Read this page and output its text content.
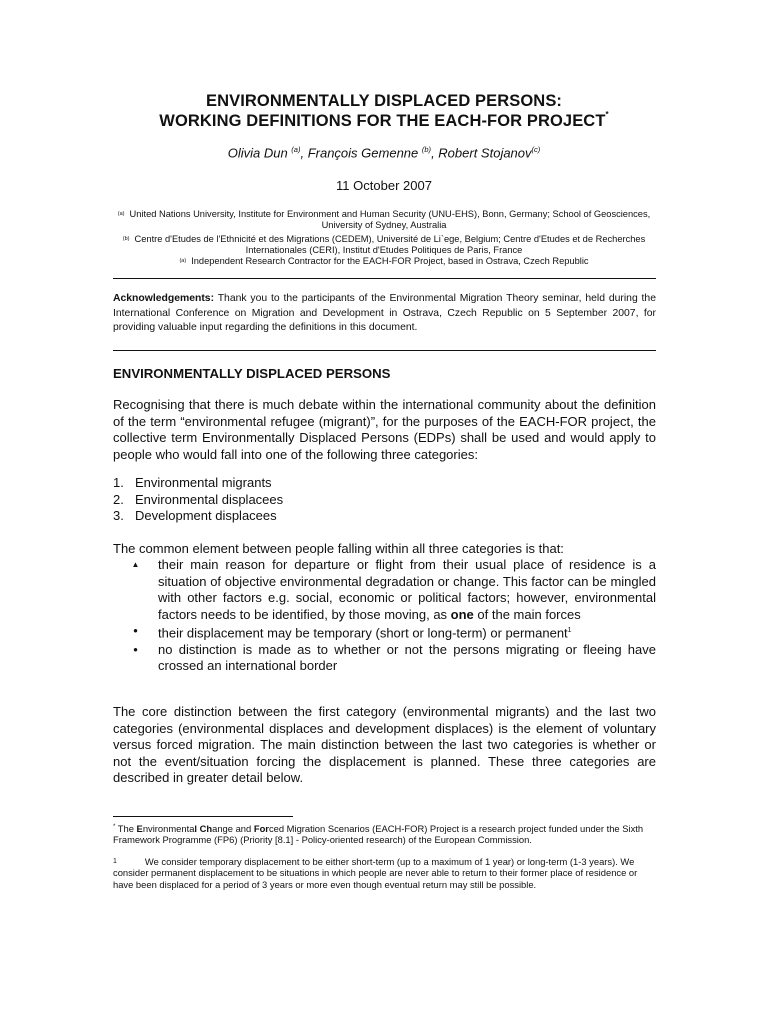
ENVIRONMENTALLY DISPLACED PERSONS:
WORKING DEFINITIONS FOR THE EACH-FOR PROJECT*
Olivia Dun $^{(a)}$, François Gemenne $^{(b)}$, Robert Stojanov$^{(c)}$
11 October 2007
(a) United Nations University, Institute for Environment and Human Security (UNU-EHS), Bonn, Germany; School of Geosciences, University of Sydney, Australia
(b) Centre d'Etudes de l'Ethnicité et des Migrations (CEDEM), Université de Li`ege, Belgium; Centre d'Etudes et de Recherches Internationales (CERI), Institut d'Etudes Politiques de Paris, France
(a) Independent Research Contractor for the EACH-FOR Project, based in Ostrava, Czech Republic
Acknowledgements: Thank you to the participants of the Environmental Migration Theory seminar, held during the International Conference on Migration and Development in Ostrava, Czech Republic on 5 September 2007, for providing valuable input regarding the definitions in this document.
ENVIRONMENTALLY DISPLACED PERSONS
Recognising that there is much debate within the international community about the definition of the term “environmental refugee (migrant)”, for the purposes of the EACH-FOR project, the collective term Environmentally Displaced Persons (EDPs) shall be used and would apply to people who would fall into one of the following three categories:
1. Environmental migrants
2. Environmental displacees
3. Development displacees
The common element between people falling within all three categories is that:
▲	their main reason for departure or flight from their usual place of residence is a situation of objective environmental degradation or change. This factor can be mingled with other factors e.g. social, economic or political factors; however, environmental factors needs to be identified, by those moving, as one of the main forces
•	their displacement may be temporary (short or long-term) or permanent$^1$
•	no distinction is made as to whether or not the persons migrating or fleeing have crossed an international border
The core distinction between the first category (environmental migrants) and the last two categories (environmental displaces and development displaces) is the element of voluntary versus forced migration. The main distinction between the last two categories is whether or not the event/situation forcing the displacement is planned. These three categories are described in greater detail below.
* The Environmental Change and Forced Migration Scenarios (EACH-FOR) Project is a research project funded under the Sixth Framework Programme (FP6) (Priority [8.1] - Policy-oriented research) of the European Commission.
$^1$	We consider temporary displacement to be either short-term (up to a maximum of 1 year) or long-term (1-3 years). We consider permanent displacement to be situations in which people are never able to return to their former place of residence or have been displaced for a period of 3 years or more even though eventual return may still be possible.
